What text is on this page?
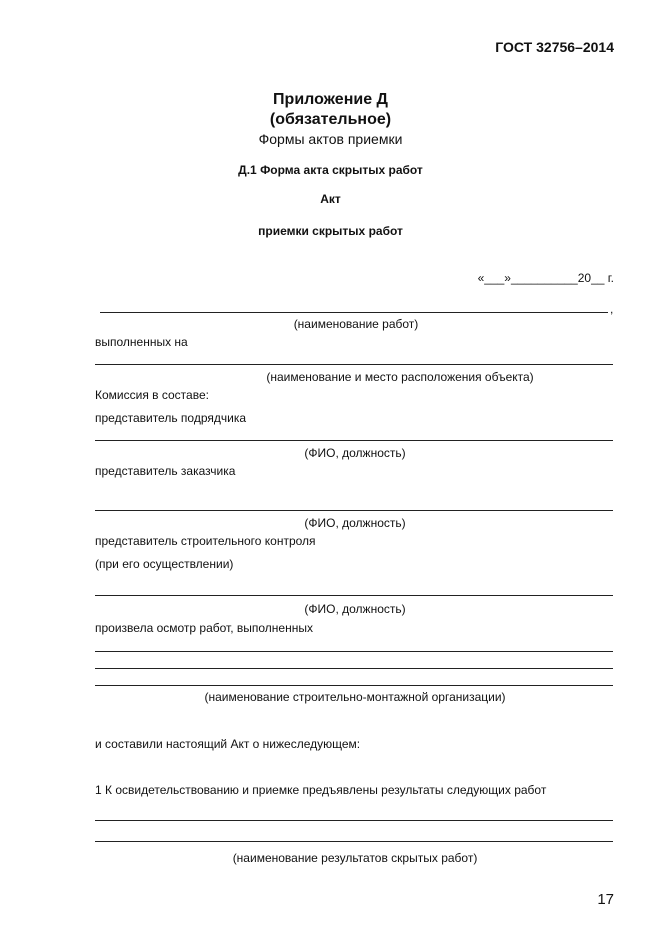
ГОСТ 32756–2014
Приложение Д
(обязательное)
Формы актов приемки
Д.1 Форма акта скрытых работ
Акт
приемки скрытых работ
«___»__________20__ г.
,
(наименование работ)
выполненных на
(наименование и место расположения объекта)
Комиссия в составе:
представитель подрядчика
(ФИО, должность)
представитель заказчика
(ФИО, должность)
представитель строительного контроля
(при его осуществлении)
(ФИО, должность)
произвела осмотр работ, выполненных
(наименование строительно-монтажной организации)
и составили настоящий Акт о нижеследующем:
1 К освидетельствованию и приемке предъявлены результаты следующих работ
(наименование результатов скрытых работ)
17
